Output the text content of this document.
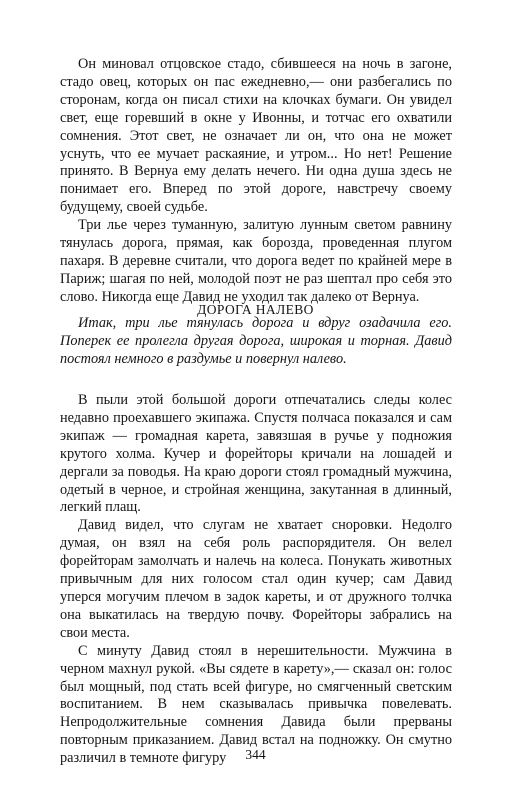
Он миновал отцовское стадо, сбившееся на ночь в загоне, стадо овец, которых он пас ежедневно,— они разбегались по сторонам, когда он писал стихи на клочках бумаги. Он увидел свет, еще горевший в окне у Ивонны, и тотчас его охватили сомнения. Этот свет, не означает ли он, что она не может уснуть, что ее мучает раскаяние, и утром... Но нет! Решение принято. В Вернуа ему делать нечего. Ни одна душа здесь не понимает его. Вперед по этой дороге, навстречу своему будущему, своей судьбе.

Три лье через туманную, залитую лунным светом равнину тянулась дорога, прямая, как борозда, проведенная плугом пахаря. В деревне считали, что дорога ведет по крайней мере в Париж; шагая по ней, молодой поэт не раз шептал про себя это слово. Никогда еще Давид не уходил так далеко от Вернуа.

ДОРОГА НАЛЕВО

Итак, три лье тянулась дорога и вдруг озадачила его. Поперек ее пролегла другая дорога, широкая и торная. Давид постоял немного в раздумье и повернул налево.

В пыли этой большой дороги отпечатались следы колес недавно проехавшего экипажа. Спустя полчаса показался и сам экипаж — громадная карета, завязшая в ручье у подножия крутого холма. Кучер и форейторы кричали на лошадей и дергали за поводья. На краю дороги стоял громадный мужчина, одетый в черное, и стройная женщина, закутанная в длинный, легкий плащ.

Давид видел, что слугам не хватает сноровки. Недолго думая, он взял на себя роль распорядителя. Он велел форейторам замолчать и налечь на колеса. Понукать животных привычным для них голосом стал один кучер; сам Давид уперся могучим плечом в задок кареты, и от дружного толчка она выкатилась на твердую почву. Форейторы забрались на свои места.

С минуту Давид стоял в нерешительности. Мужчина в черном махнул рукой. «Вы сядете в карету»,— сказал он: голос был мощный, под стать всей фигуре, но смягченный светским воспитанием. В нем сказывалась привычка повелевать. Непродолжительные сомнения Давида были прерваны повторным приказанием. Давид встал на подножку. Он смутно различил в темноте фигуру	344
